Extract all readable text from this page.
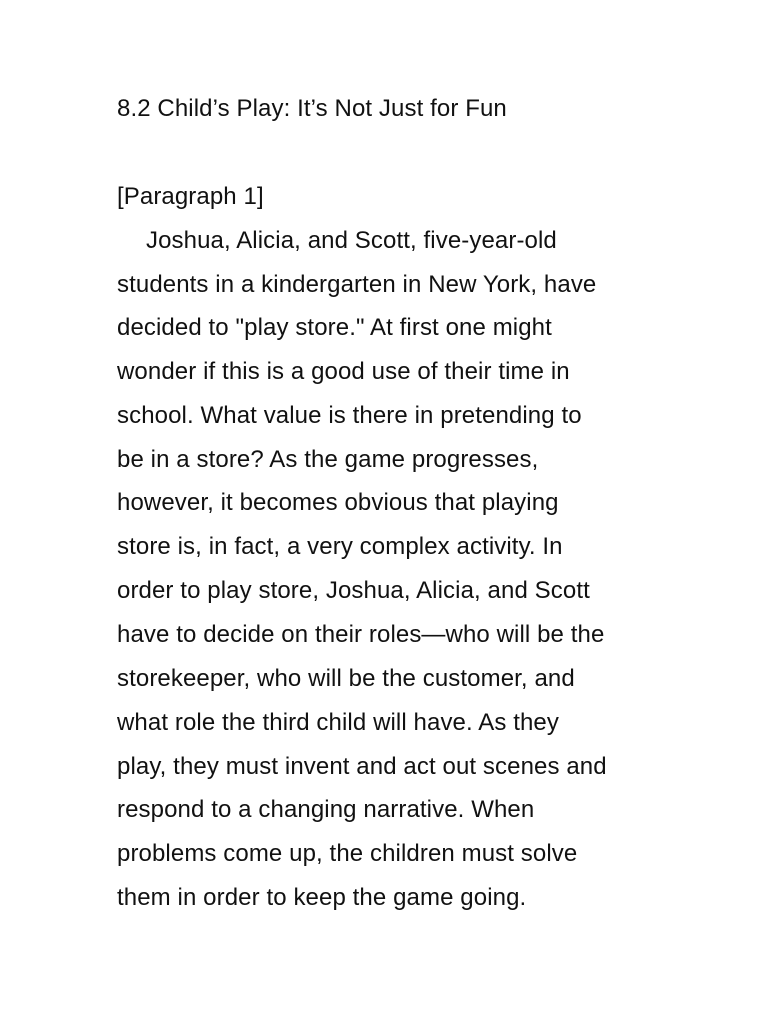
8.2 Child’s Play: It’s Not Just for Fun
[Paragraph 1]
Joshua, Alicia, and Scott, five-year-old
students in a kindergarten in New York, have
decided to "play store." At first one might
wonder if this is a good use of their time in
school. What value is there in pretending to
be in a store? As the game progresses,
however, it becomes obvious that playing
store is, in fact, a very complex activity. In
order to play store, Joshua, Alicia, and Scott
have to decide on their roles—who will be the
storekeeper, who will be the customer, and
what role the third child will have. As they
play, they must invent and act out scenes and
respond to a changing narrative. When
problems come up, the children must solve
them in order to keep the game going.
